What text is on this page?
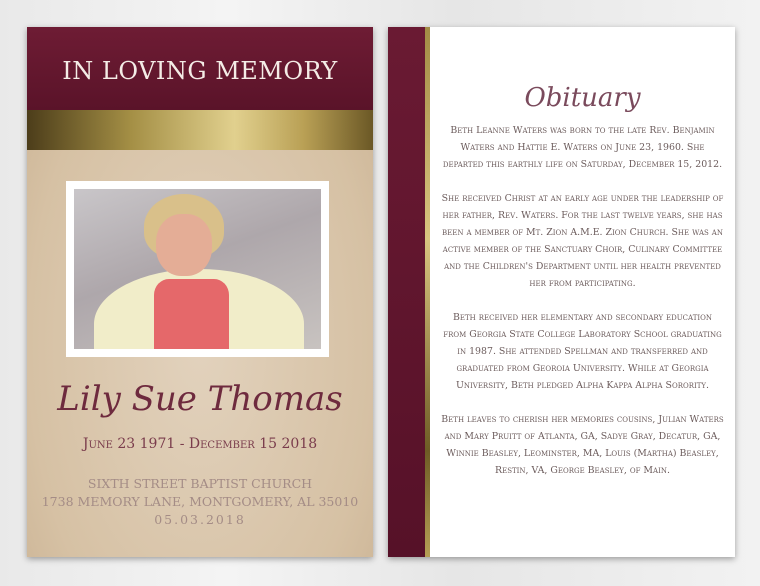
IN LOVING MEMORY
Lily Sue Thomas
June 23 1971 - December 15 2018
SIXTH STREET BAPTIST CHURCH
1738 MEMORY LANE, MONTGOMERY, AL 35010
05.03.2018
Obituary

Beth Leanne Waters was born to the late Rev. Benjamin Waters and Hattie E. Waters on June 23, 1960. She departed this earthly life on Saturday, December 15, 2012.

She received Christ at an early age under the leadership of her father, Rev. Waters. For the last twelve years, she has been a member of Mt. Zion A.M.E. Zion Church. She was an active member of the Sanctuary Choir, Culinary Committee and the Children's Department until her health prevented her from participating.

Beth received her elementary and secondary education from Georgia State College Laboratory School graduating in 1987. She attended Spellman and transferred and graduated from Georoia University. While at Georgia University, Beth pledged Alpha Kappa Alpha Sorority.

Beth leaves to cherish her memories cousins, Julian Waters and Mary Pruitt of Atlanta, GA, Sadye Gray, Decatur, GA, Winnie Beasley, Leominster, MA, Louis (Martha) Beasley, Restin, VA, George Beasley, of Main.
